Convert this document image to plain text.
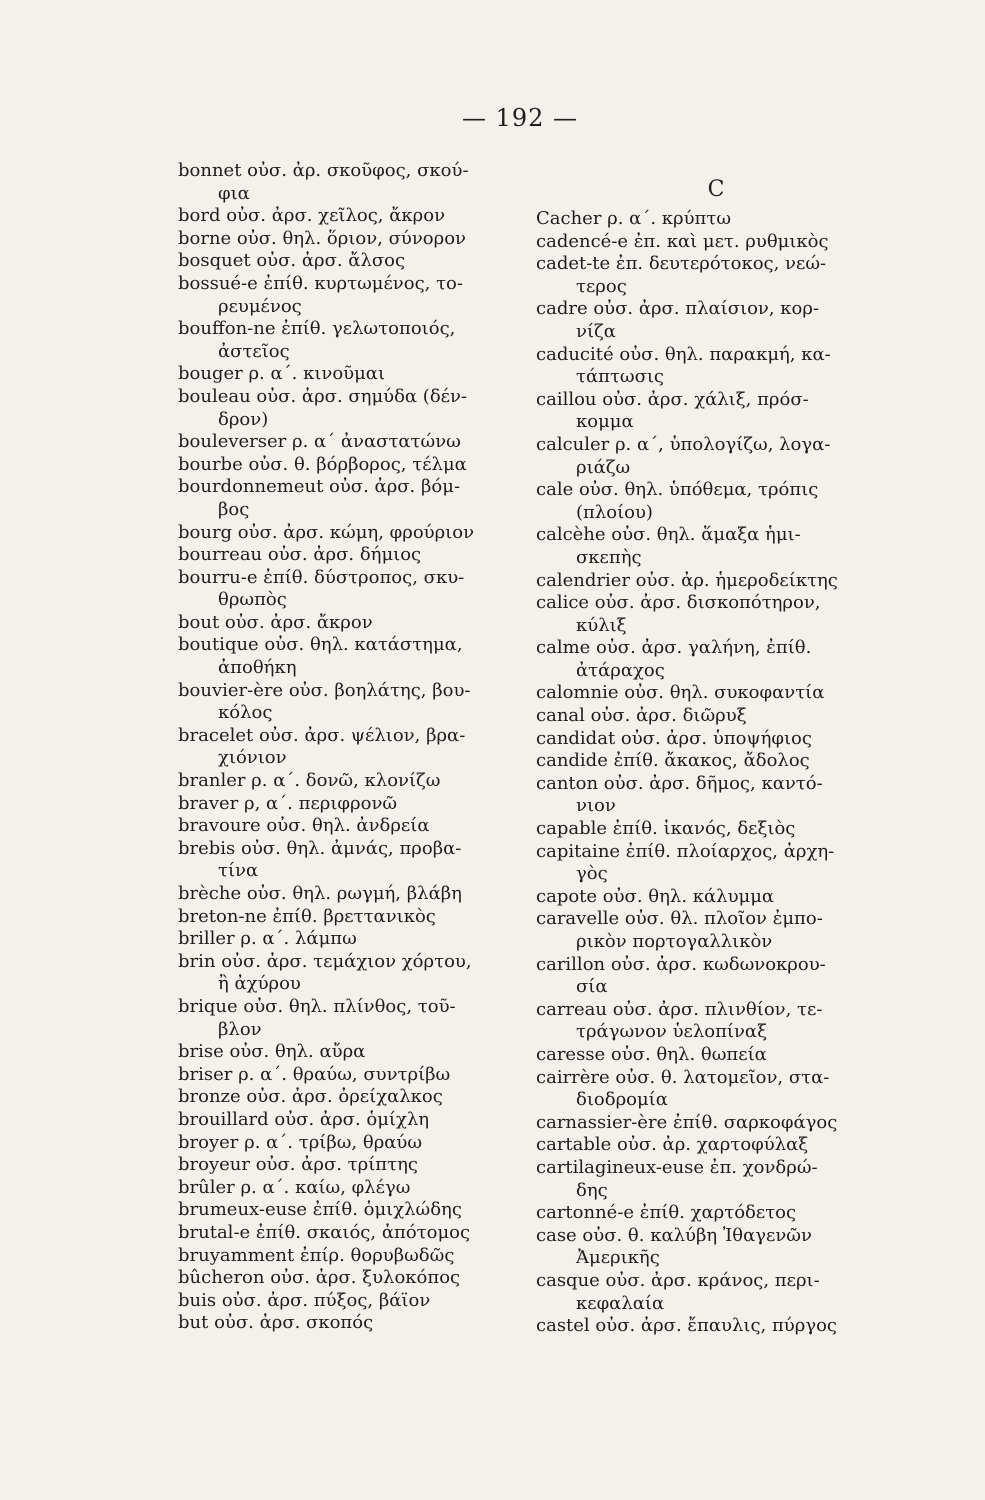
— 192 —
bonnet οὐσ. ἀρ. σκοῦφος, σκού-
φια
bord οὐσ. ἀρσ. χεῖλος, ἄκρον
borne οὐσ. θηλ. ὅριον, σύνορον
bosquet οὐσ. ἀρσ. ἄλσος
bossué-e ἐπίθ. κυρτωμένος, το-
ρευμένος
bouffon-ne ἐπίθ. γελωτοποιός,
ἀστεῖος
bouger ρ. α΄. κινοῦμαι
bouleau οὐσ. ἀρσ. σημύδα (δέν-
δρον)
bouleverser ρ. α΄ ἀναστατώνω
bourbe οὐσ. θ. βόρβορος, τέλμα
bourdonnemeut οὐσ. ἀρσ. βόμ-
βος
bourg οὐσ. ἀρσ. κώμη, φρούριον
bourreau οὐσ. ἀρσ. δήμιος
bourru-e ἐπίθ. δύστροπος, σκυ-
θρωπὸς
bout οὐσ. ἀρσ. ἄκρον
boutique οὐσ. θηλ. κατάστημα,
ἀποθήκη
bouvier-ère οὐσ. βοηλάτης, βου-
κόλος
bracelet οὐσ. ἀρσ. ψέλιον, βρα-
χιόνιον
branler ρ. α΄. δονῶ, κλονίζω
braver ρ, α΄. περιφρονῶ
bravoure οὐσ. θηλ. ἀνδρεία
brebis οὐσ. θηλ. ἀμνάς, προβα-
τίνα
brèche οὐσ. θηλ. ρωγμή, βλάβη
breton-ne ἐπίθ. βρεττανικὸς
briller ρ. α΄. λάμπω
brin οὐσ. ἀρσ. τεμάχιον χόρτου,
ἢ ἀχύρου
brique οὐσ. θηλ. πλίνθος, τοῦ-
βλον
brise οὐσ. θηλ. αὔρα
briser ρ. α΄. θραύω, συντρίβω
bronze οὐσ. ἀρσ. ὀρείχαλκος
brouillard οὐσ. ἀρσ. ὁμίχλη
broyer ρ. α΄. τρίβω, θραύω
broyeur οὐσ. ἀρσ. τρίπτης
brûler ρ. α΄. καίω, φλέγω
brumeux-euse ἐπίθ. ὁμιχλώδης
brutal-e ἐπίθ. σκαιός, ἀπότομος
bruyamment ἐπίρ. θορυβωδῶς
bûcheron οὐσ. ἀρσ. ξυλοκόπος
buis οὐσ. ἀρσ. πύξος, βάϊον
but οὐσ. ἀρσ. σκοπός
C
Cacher ρ. α΄. κρύπτω
cadencé-e ἐπ. καὶ μετ. ρυθμικὸς
cadet-te ἐπ. δευτερότοκος, νεώ-
τερος
cadre οὐσ. ἀρσ. πλαίσιον, κορ-
νίζα
caducité οὐσ. θηλ. παρακμή, κα-
τάπτωσις
caillou οὐσ. ἀρσ. χάλιξ, πρόσ-
κομμα
calculer ρ. α΄, ὑπολογίζω, λογα-
ριάζω
cale οὐσ. θηλ. ὑπόθεμα, τρόπις
(πλοίου)
calcèhe οὐσ. θηλ. ἅμαξα ἡμι-
σκεπὴς
calendrier οὐσ. ἀρ. ἡμεροδείκτης
calice οὐσ. ἀρσ. δισκοπότηρον,
κύλιξ
calme οὐσ. ἀρσ. γαλήνη, ἐπίθ.
ἀτάραχος
calomnie οὐσ. θηλ. συκοφαντία
canal οὐσ. ἀρσ. διῶρυξ
candidat οὐσ. ἀρσ. ὑποψήφιος
candide ἐπίθ. ἄκακος, ἄδολος
canton οὐσ. ἀρσ. δῆμος, καντό-
νιον
capable ἐπίθ. ἱκανός, δεξιὸς
capitaine ἐπίθ. πλοίαρχος, ἀρχη-
γὸς
capote οὐσ. θηλ. κάλυμμα
caravelle οὐσ. θλ. πλοῖον ἐμπο-
ρικὸν πορτογαλλικὸν
carillon οὐσ. ἀρσ. κωδωνοκρου-
σία
carreau οὐσ. ἀρσ. πλινθίον, τε-
τράγωνον ὑελοπίναξ
caresse οὐσ. θηλ. θωπεία
cairrère οὐσ. θ. λατομεῖον, στα-
διοδρομία
carnassier-ère ἐπίθ. σαρκοφάγος
cartable οὐσ. ἀρ. χαρτοφύλαξ
cartilagineux-euse ἐπ. χονδρώ-
δης
cartonné-e ἐπίθ. χαρτόδετος
case οὐσ. θ. καλύβη Ἰθαγενῶν
Ἀμερικῆς
casque οὐσ. ἀρσ. κράνος, περι-
κεφαλαία
castel οὐσ. ἀρσ. ἔπαυλις, πύργος
